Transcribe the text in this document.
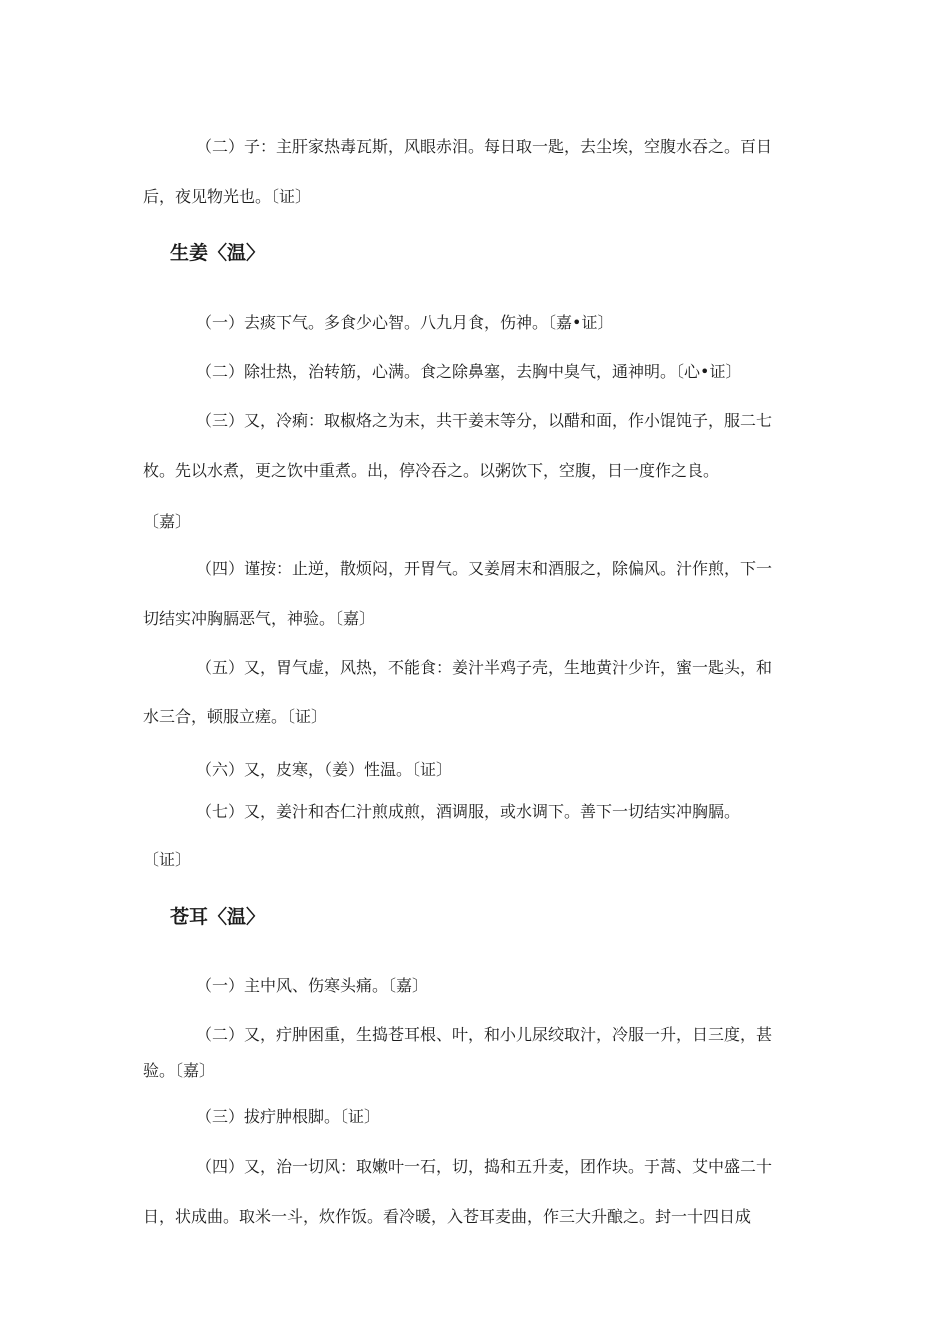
（二）子：主肝家热毒瓦斯，风眼赤泪。每日取一匙，去尘埃，空腹水吞之。百日
后，夜见物光也。〔证〕
生姜〈温〉
（一）去痰下气。多食少心智。八九月食，伤神。〔嘉•证〕
（二）除壮热，治转筋，心满。食之除鼻塞，去胸中臭气，通神明。〔心•证〕
（三）又，冷痢：取椒烙之为末，共干姜末等分，以醋和面，作小馄饨子，服二七
枚。先以水煮，更之饮中重煮。出，停冷吞之。以粥饮下，空腹，日一度作之良。
〔嘉〕
（四）谨按：止逆，散烦闷，开胃气。又姜屑末和酒服之，除偏风。汁作煎，下一
切结实冲胸膈恶气，神验。〔嘉〕
（五）又，胃气虚，风热，不能食：姜汁半鸡子壳，生地黄汁少许，蜜一匙头，和
水三合，顿服立瘥。〔证〕
（六）又，皮寒，（姜）性温。〔证〕
（七）又，姜汁和杏仁汁煎成煎，酒调服，或水调下。善下一切结实冲胸膈。
〔证〕
苍耳〈温〉
（一）主中风、伤寒头痛。〔嘉〕
（二）又，疔肿困重，生捣苍耳根、叶，和小儿尿绞取汁，冷服一升，日三度，甚
验。〔嘉〕
（三）拔疔肿根脚。〔证〕
（四）又，治一切风：取嫩叶一石，切，捣和五升麦，团作块。于蒿、艾中盛二十
日，状成曲。取米一斗，炊作饭。看冷暖，入苍耳麦曲，作三大升酿之。封一十四日成
